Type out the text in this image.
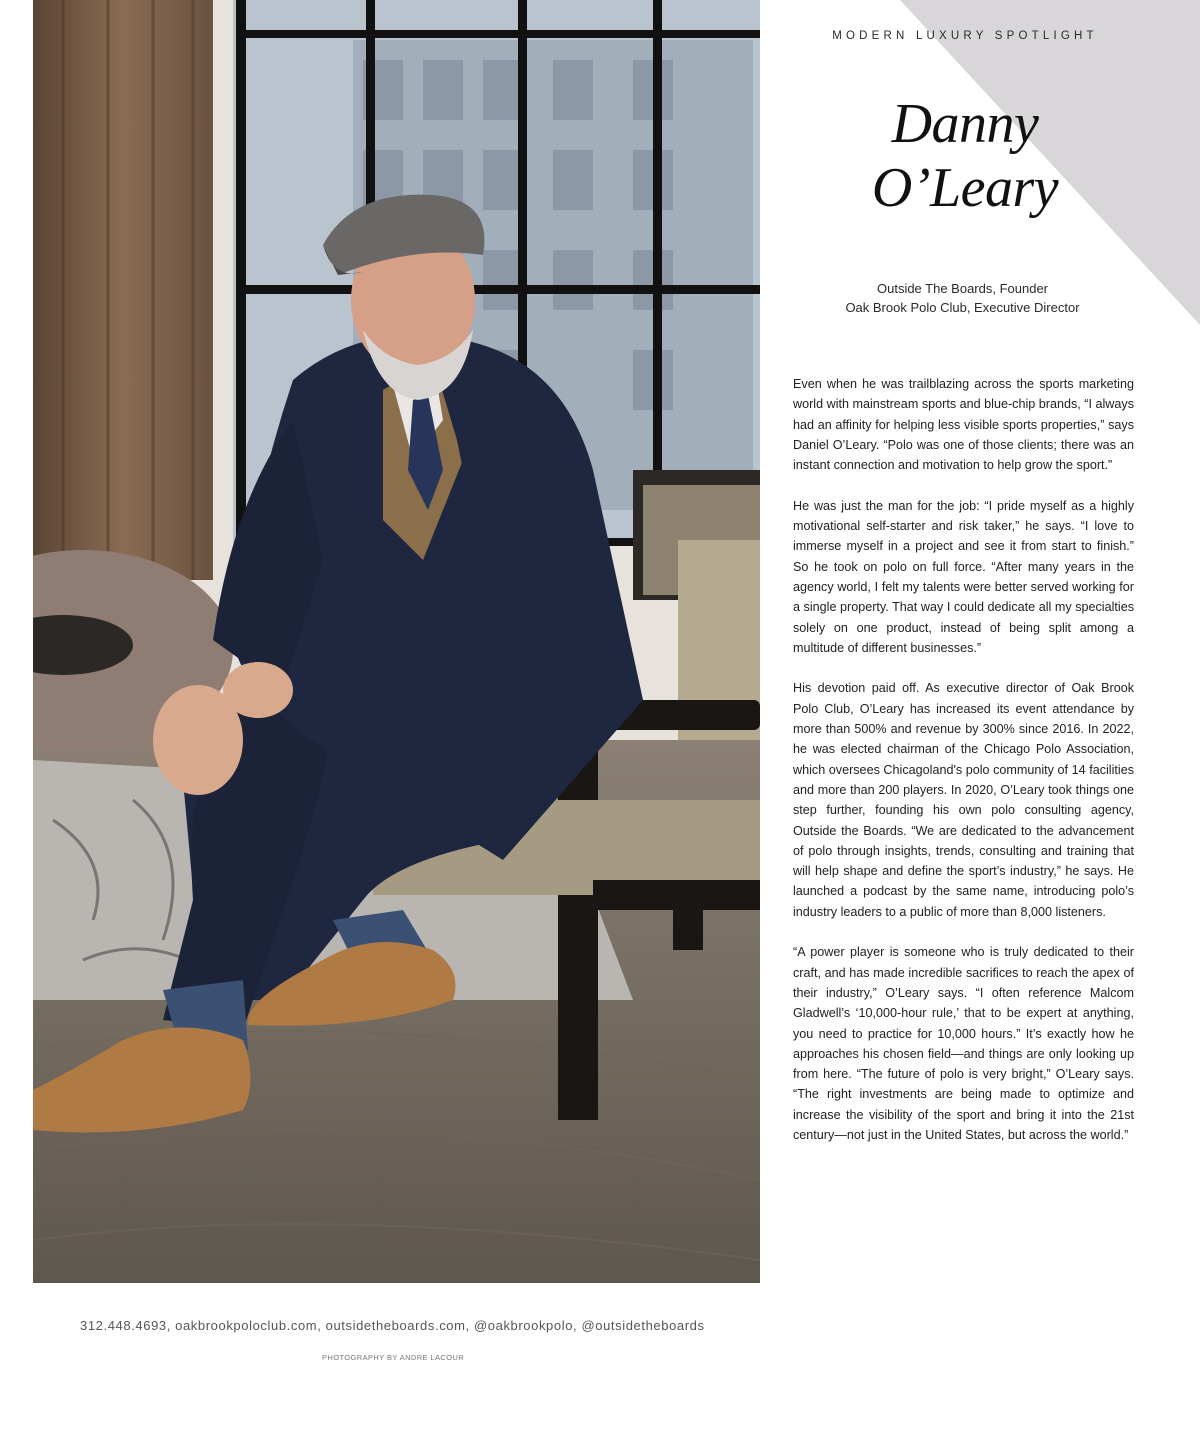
MODERN LUXURY SPOTLIGHT
Danny
O’Leary
Outside The Boards, Founder
Oak Brook Polo Club, Executive Director

Even when he was trailblazing across the sports marketing world with mainstream sports and blue-chip brands, “I always had an affinity for helping less visible sports properties,” says Daniel O’Leary. “Polo was one of those clients; there was an instant connection and motivation to help grow the sport.”

He was just the man for the job: “I pride myself as a highly motivational self-starter and risk taker,” he says. “I love to immerse myself in a project and see it from start to finish.” So he took on polo on full force. “After many years in the agency world, I felt my talents were better served working for a single property. That way I could dedicate all my specialties solely on one product, instead of being split among a multitude of different businesses.”

His devotion paid off. As executive director of Oak Brook Polo Club, O’Leary has increased its event attendance by more than 500% and revenue by 300% since 2016. In 2022, he was elected chairman of the Chicago Polo Association, which oversees Chicagoland's polo community of 14 facilities and more than 200 players. In 2020, O’Leary took things one step further, founding his own polo consulting agency, Outside the Boards. “We are dedicated to the advancement of polo through insights, trends, consulting and training that will help shape and define the sport’s industry,” he says. He launched a podcast by the same name, introducing polo’s industry leaders to a public of more than 8,000 listeners.

“A power player is someone who is truly dedicated to their craft, and has made incredible sacrifices to reach the apex of their industry,” O’Leary says. “I often reference Malcom Gladwell’s ‘10,000-hour rule,’ that to be expert at anything, you need to practice for 10,000 hours.” It’s exactly how he approaches his chosen field—and things are only looking up from here. “The future of polo is very bright,” O’Leary says. “The right investments are being made to optimize and increase the visibility of the sport and bring it into the 21st century—not just in the United States, but across the world.”

312.448.4693, oakbrookpoloclub.com, outsidetheboards.com, @oakbrookpolo, @outsidetheboards
PHOTOGRAPHY BY ANDRE LACOUR
